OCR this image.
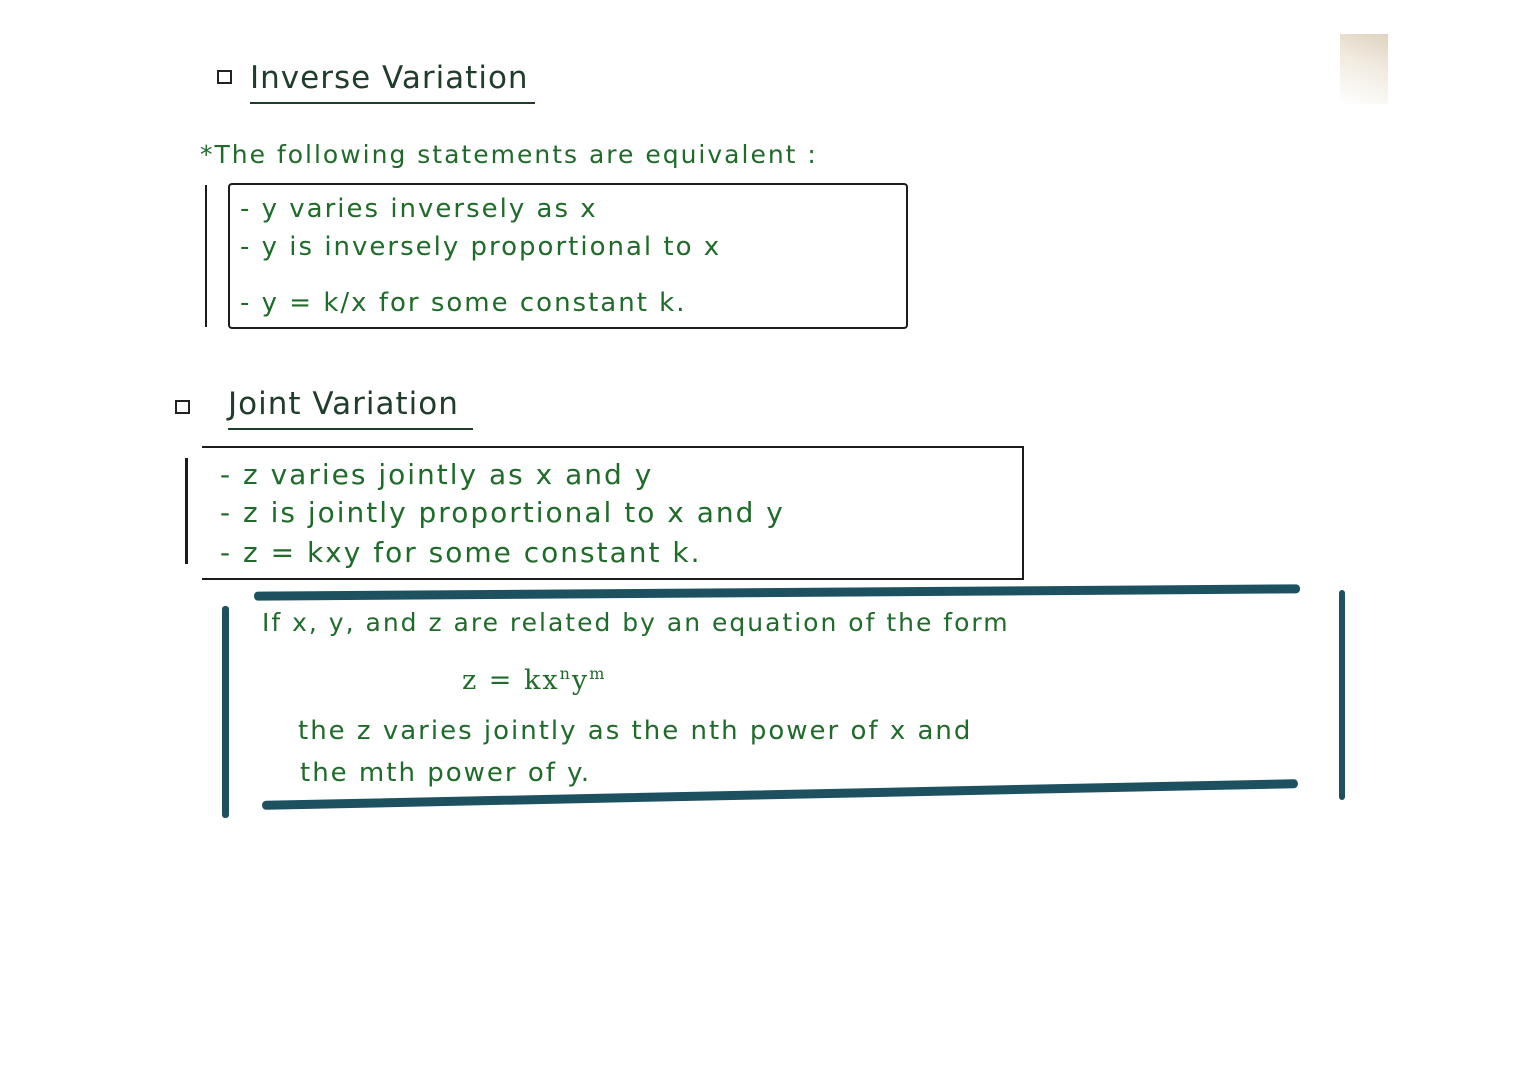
Inverse Variation
*The following statements are equivalent :
- y varies inversely as x
- y is inversely proportional to x
- y = k/x for some constant k.
Joint Variation
- z varies jointly as x and y
- z is jointly proportional to x and y
- z = kxy for some constant k.
If x, y, and z are related by an equation of the form
$z = kx^ny^m$
the z varies jointly as the nth power of x and
the mth power of y.
